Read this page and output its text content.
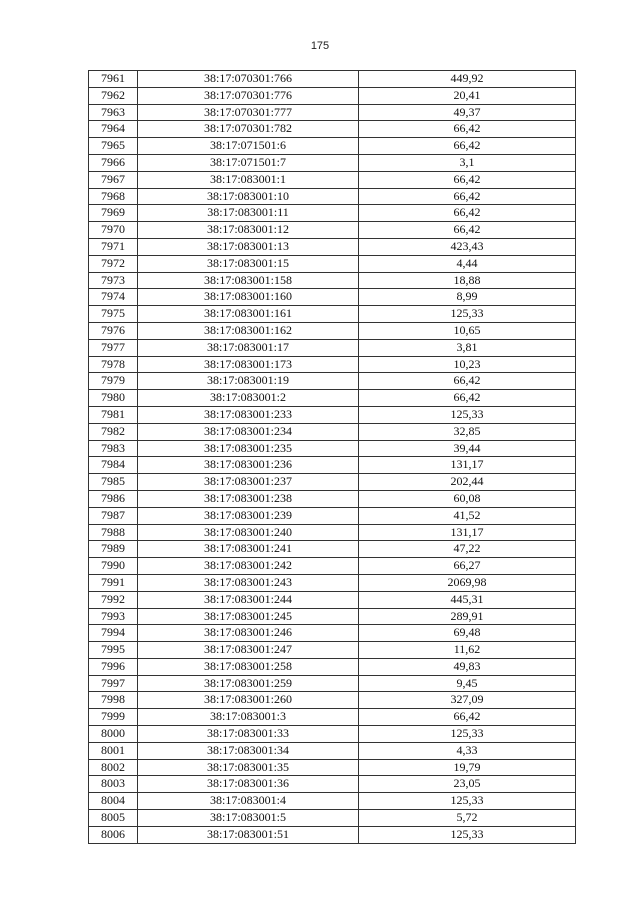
175
7961	38:17:070301:766	449,92
7962	38:17:070301:776	20,41
7963	38:17:070301:777	49,37
7964	38:17:070301:782	66,42
7965	38:17:071501:6	66,42
7966	38:17:071501:7	3,1
7967	38:17:083001:1	66,42
7968	38:17:083001:10	66,42
7969	38:17:083001:11	66,42
7970	38:17:083001:12	66,42
7971	38:17:083001:13	423,43
7972	38:17:083001:15	4,44
7973	38:17:083001:158	18,88
7974	38:17:083001:160	8,99
7975	38:17:083001:161	125,33
7976	38:17:083001:162	10,65
7977	38:17:083001:17	3,81
7978	38:17:083001:173	10,23
7979	38:17:083001:19	66,42
7980	38:17:083001:2	66,42
7981	38:17:083001:233	125,33
7982	38:17:083001:234	32,85
7983	38:17:083001:235	39,44
7984	38:17:083001:236	131,17
7985	38:17:083001:237	202,44
7986	38:17:083001:238	60,08
7987	38:17:083001:239	41,52
7988	38:17:083001:240	131,17
7989	38:17:083001:241	47,22
7990	38:17:083001:242	66,27
7991	38:17:083001:243	2069,98
7992	38:17:083001:244	445,31
7993	38:17:083001:245	289,91
7994	38:17:083001:246	69,48
7995	38:17:083001:247	11,62
7996	38:17:083001:258	49,83
7997	38:17:083001:259	9,45
7998	38:17:083001:260	327,09
7999	38:17:083001:3	66,42
8000	38:17:083001:33	125,33
8001	38:17:083001:34	4,33
8002	38:17:083001:35	19,79
8003	38:17:083001:36	23,05
8004	38:17:083001:4	125,33
8005	38:17:083001:5	5,72
8006	38:17:083001:51	125,33
